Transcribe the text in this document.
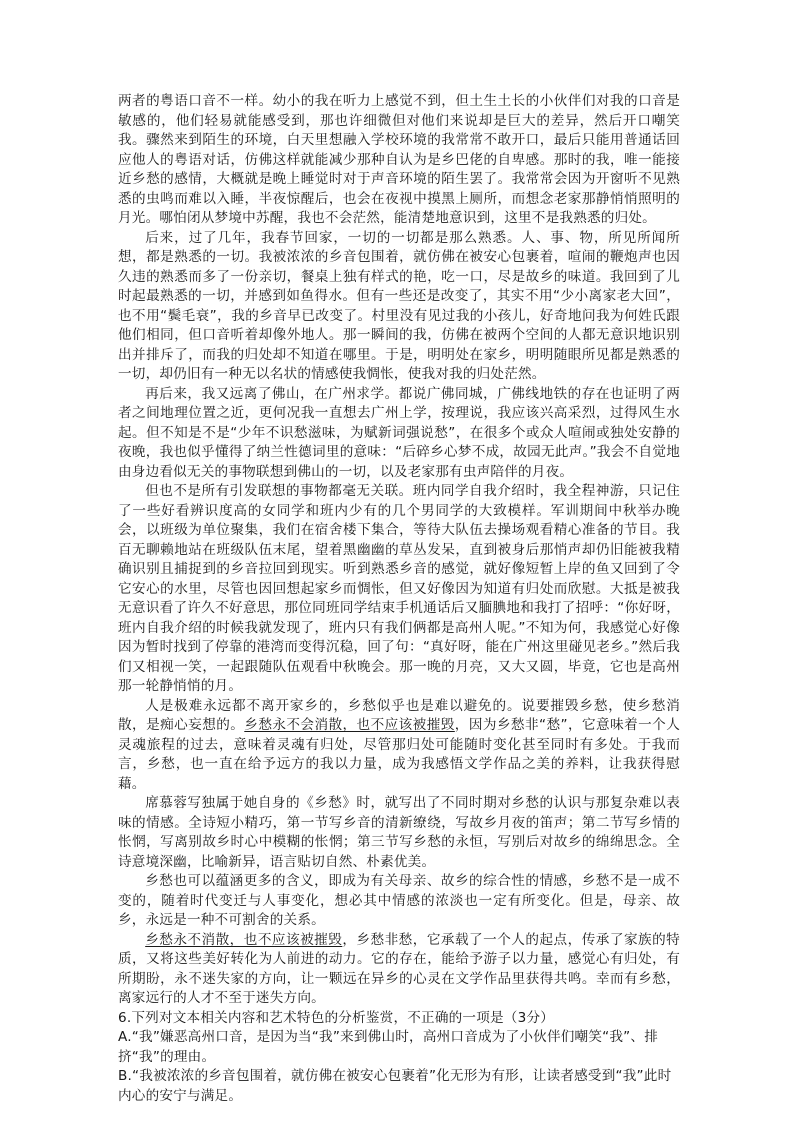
两者的粤语口音不一样。幼小的我在听力上感觉不到，但土生土长的小伙伴们对我的口音是敏感的，他们轻易就能感受到，那也许细微但对他们来说却是巨大的差异，然后开口嘲笑我。骤然来到陌生的环境，白天里想融入学校环境的我常常不敢开口，最后只能用普通话回应他人的粤语对话，仿佛这样就能减少那种自认为是乡巴佬的自卑感。那时的我，唯一能接近乡愁的感情，大概就是晚上睡觉时对于声音环境的陌生罢了。我常常会因为开窗听不见熟悉的虫鸣而难以入睡，半夜惊醒后，也会在夜视中摸黑上厕所，而想念老家那静悄悄照明的月光。哪怕闭从梦境中苏醒，我也不会茫然，能清楚地意识到，这里不是我熟悉的归处。

后来，过了几年，我春节回家，一切的一切都是那么熟悉。人、事、物，所见所闻所想，都是熟悉的一切。我被浓浓的乡音包围着，就仿佛在被安心包裹着，喧闹的鞭炮声也因久违的熟悉而多了一份亲切，餐桌上独有样式的艳，吃一口，尽是故乡的味道。我回到了儿时起最熟悉的一切，并感到如鱼得水。但有一些还是改变了，其实不用“少小离家老大回”，也不用“鬓毛衰”，我的乡音早已改变了。村里没有见过我的小孩儿，好奇地问我为何姓氏跟他们相同，但口音听着却像外地人。那一瞬间的我，仿佛在被两个空间的人都无意识地识别出并排斥了，而我的归处却不知道在哪里。于是，明明处在家乡，明明随眼所见都是熟悉的一切，却仍旧有一种无以名状的情感使我惆怅，使我对我的归处茫然。

再后来，我又远离了佛山，在广州求学。都说广佛同城，广佛线地铁的存在也证明了两者之间地理位置之近，更何况我一直想去广州上学，按理说，我应该兴高采烈，过得风生水起。但不知是不是“少年不识愁滋味，为赋新词强说愁”，在很多个或众人喧闹或独处安静的夜晚，我也似乎懂得了纳兰性德词里的意味：“后碎乡心梦不成，故园无此声。”我会不自觉地由身边看似无关的事物联想到佛山的一切，以及老家那有虫声陪伴的月夜。

但也不是所有引发联想的事物都毫无关联。班内同学自我介绍时，我全程神游，只记住了一些好看辨识度高的女同学和班内少有的几个男同学的大致模样。军训期间中秋举办晚会，以班级为单位聚集，我们在宿舍楼下集合，等待大队伍去操场观看精心准备的节目。我百无聊赖地站在班级队伍末尾，望着黑幽幽的草丛发呆，直到被身后那悄声却仍旧能被我精确识别且捕捉到的乡音拉回到现实。听到熟悉乡音的感觉，就好像短暂上岸的鱼又回到了令它安心的水里，尽管也因回想起家乡而惆怅，但又好像因为知道有归处而欣慰。大抵是被我无意识看了许久不好意思，那位同班同学结束手机通话后又腼腆地和我打了招呼：“你好呀，班内自我介绍的时候我就发现了，班内只有我们俩都是高州人呢。”不知为何，我感觉心好像因为暂时找到了停靠的港湾而变得沉稳，回了句：“真好呀，能在广州这里碰见老乡。”然后我们又相视一笑，一起跟随队伍观看中秋晚会。那一晚的月亮，又大又圆，毕竟，它也是高州那一轮静悄悄的月。

人是极难永远都不离开家乡的，乡愁似乎也是难以避免的。说要摧毁乡愁，使乡愁消散，是痴心妄想的。乡愁永不会消散，也不应该被摧毁，因为乡愁非“愁”，它意味着一个人灵魂旅程的过去，意味着灵魂有归处，尽管那归处可能随时变化甚至同时有多处。于我而言，乡愁，也一直在给予远方的我以力量，成为我感悟文学作品之美的养料，让我获得慰藉。

席慕蓉写独属于她自身的《乡愁》时，就写出了不同时期对乡愁的认识与那复杂难以表味的情感。全诗短小精巧，第一节写乡音的清新缭绕，写故乡月夜的笛声；第二节写乡情的怅惘，写离别故乡时心中模糊的怅惘；第三节写乡愁的永恒，写别后对故乡的绵绵思念。全诗意境深幽，比喻新异，语言贴切自然、朴素优美。

乡愁也可以蕴涵更多的含义，即成为有关母亲、故乡的综合性的情感，乡愁不是一成不变的，随着时代变迁与人事变化，想必其中情感的浓淡也一定有所变化。但是，母亲、故乡，永远是一种不可割舍的关系。

乡愁永不消散，也不应该被摧毁，乡愁非愁，它承载了一个人的起点，传承了家族的特质，又将这些美好转化为人前进的动力。它的存在，能给予游子以力量，感觉心有归处，有所期盼，永不迷失家的方向，让一颗远在异乡的心灵在文学作品里获得共鸣。幸而有乡愁，离家远行的人才不至于迷失方向。

6.下列对文本相关内容和艺术特色的分析鉴赏，不正确的一项是（3分）

A.“我”嫌恶高州口音，是因为当“我”来到佛山时，高州口音成为了小伙伴们嘲笑“我”、排挤“我”的理由。

B.“我被浓浓的乡音包围着，就仿佛在被安心包裹着”化无形为有形，让读者感受到“我”此时内心的安宁与满足。
